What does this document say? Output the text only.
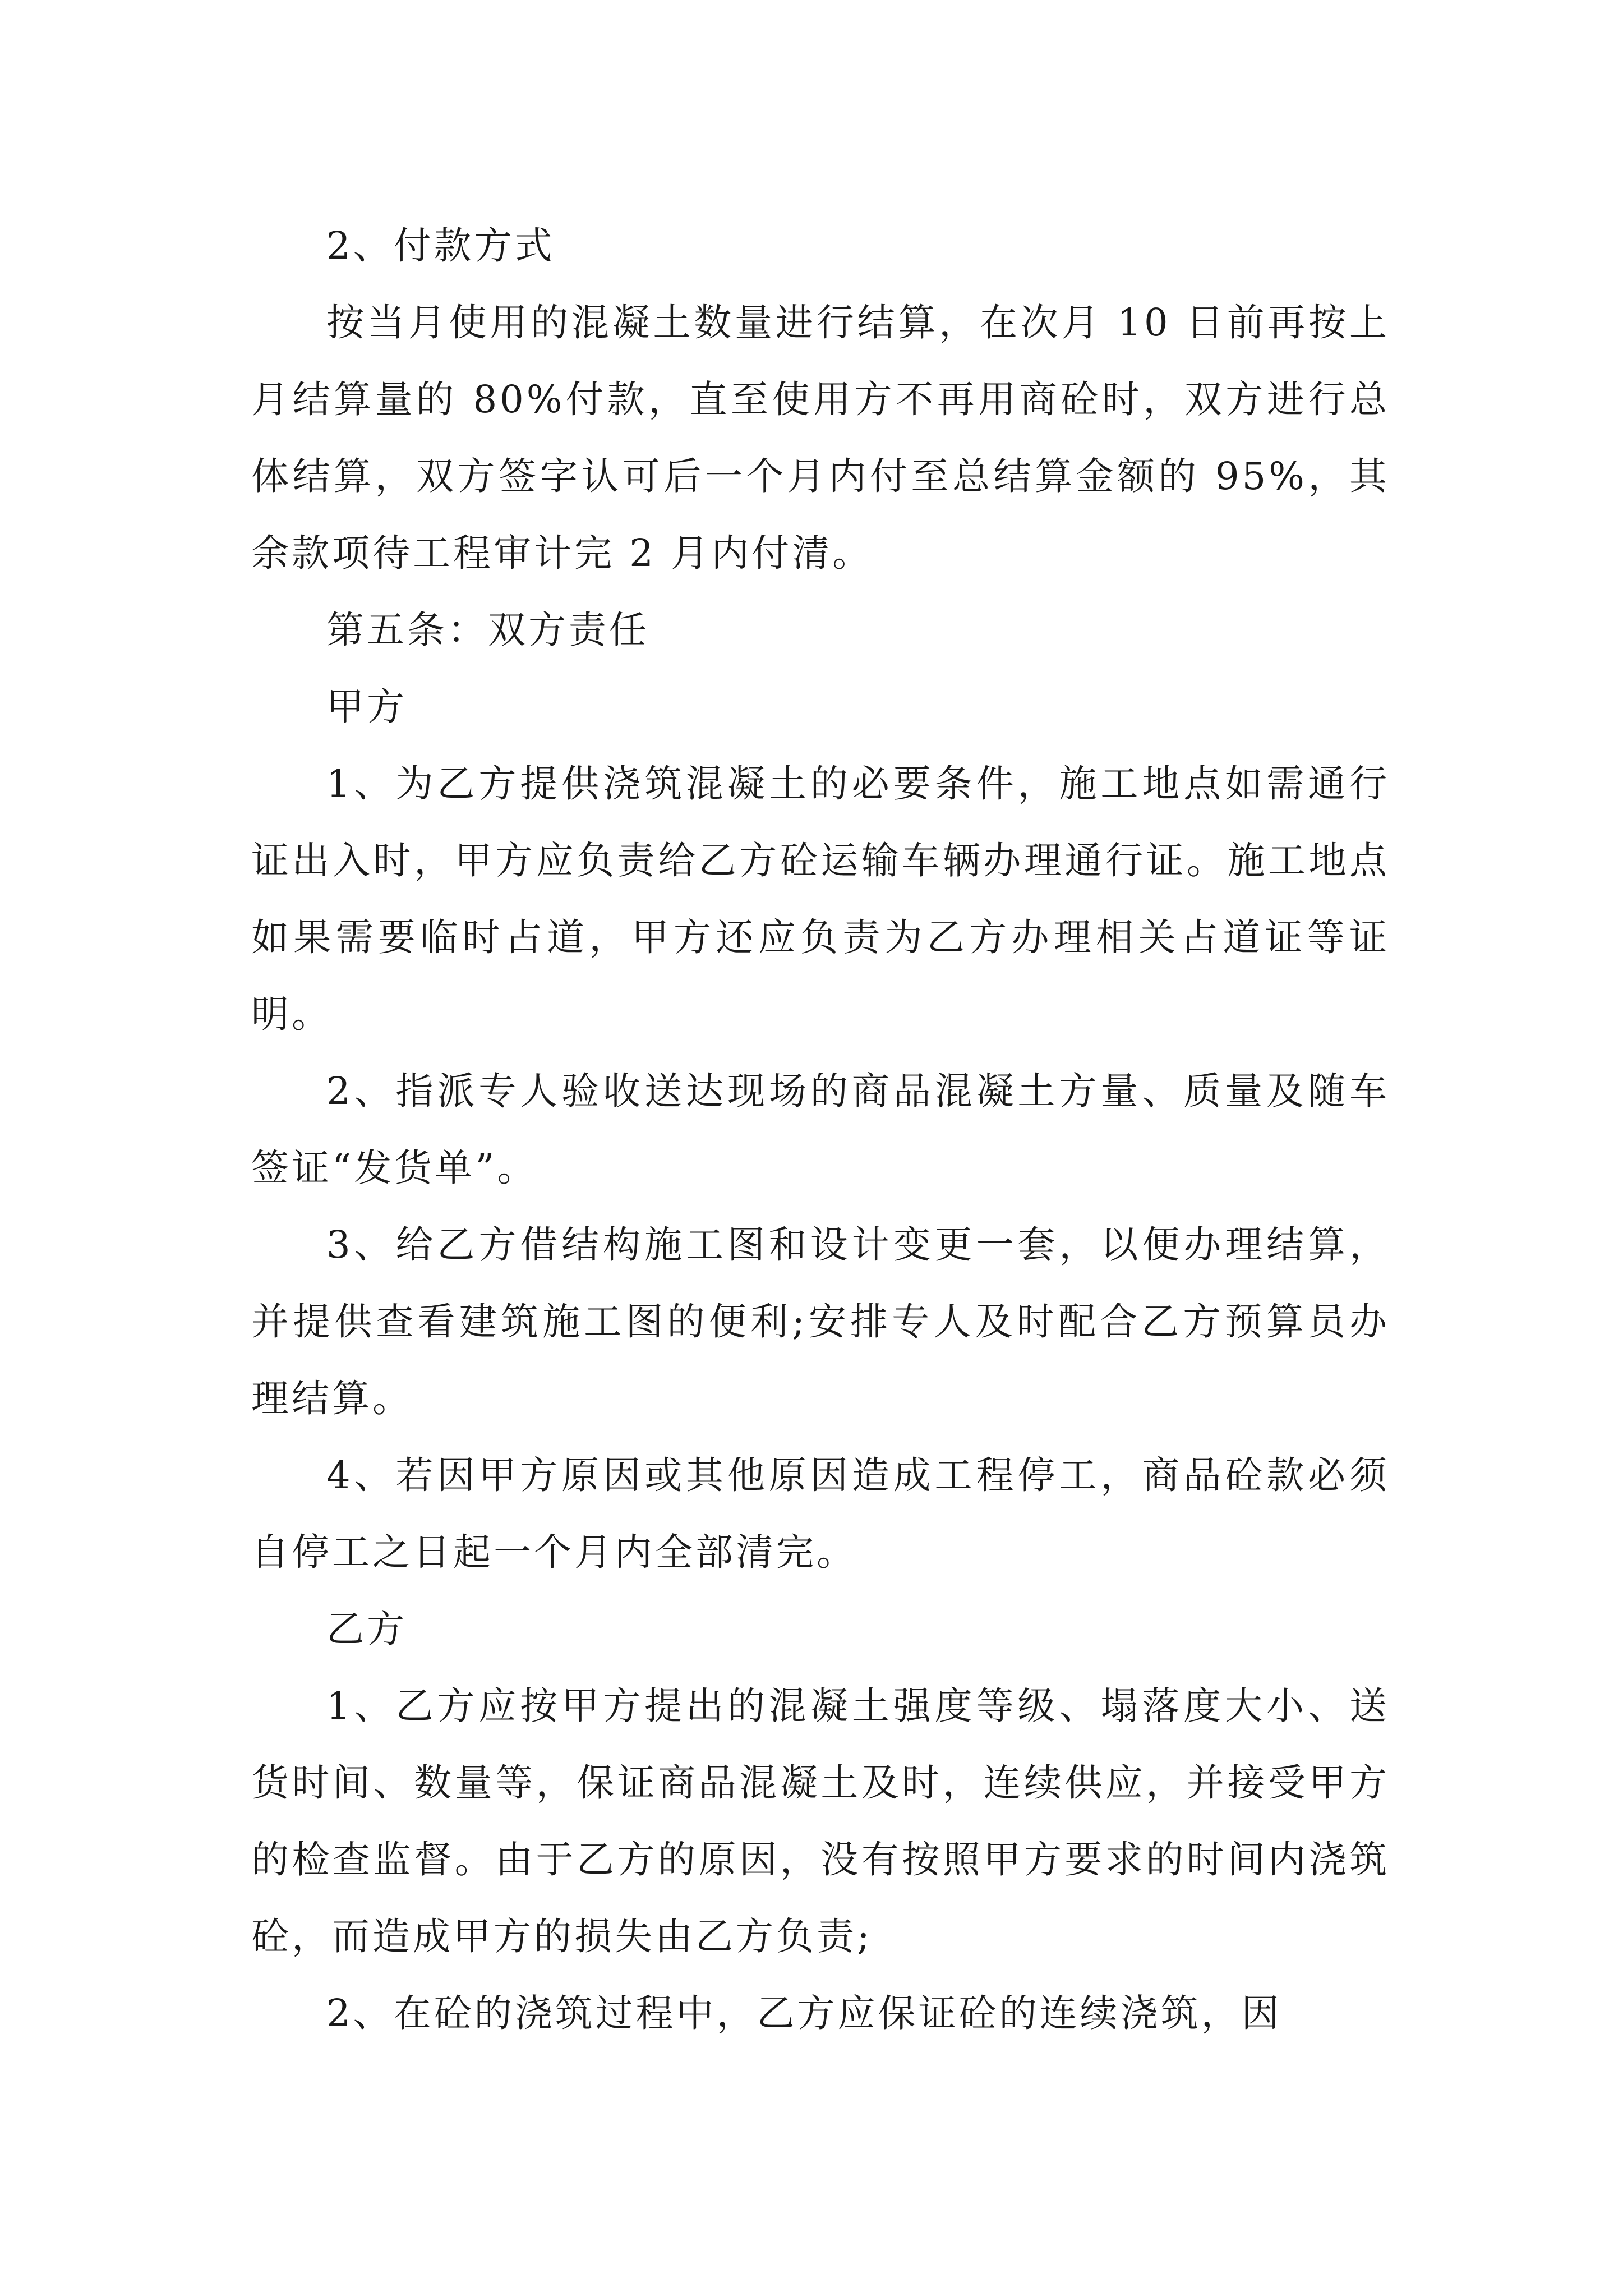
2、付款方式

按当月使用的混凝土数量进行结算，在次月 10 日前再按上月结算量的 80%付款，直至使用方不再用商砼时，双方进行总体结算，双方签字认可后一个月内付至总结算金额的 95%，其余款项待工程审计完 2 月内付清。

第五条：双方责任

甲方

1、为乙方提供浇筑混凝土的必要条件，施工地点如需通行证出入时，甲方应负责给乙方砼运输车辆办理通行证。施工地点如果需要临时占道，甲方还应负责为乙方办理相关占道证等证明。

2、指派专人验收送达现场的商品混凝土方量、质量及随车签证“发货单”。

3、给乙方借结构施工图和设计变更一套，以便办理结算，并提供查看建筑施工图的便利;安排专人及时配合乙方预算员办理结算。

4、若因甲方原因或其他原因造成工程停工，商品砼款必须自停工之日起一个月内全部清完。

乙方

1、乙方应按甲方提出的混凝土强度等级、塌落度大小、送货时间、数量等，保证商品混凝土及时，连续供应，并接受甲方的检查监督。由于乙方的原因，没有按照甲方要求的时间内浇筑砼，而造成甲方的损失由乙方负责;

2、在砼的浇筑过程中，乙方应保证砼的连续浇筑，因
